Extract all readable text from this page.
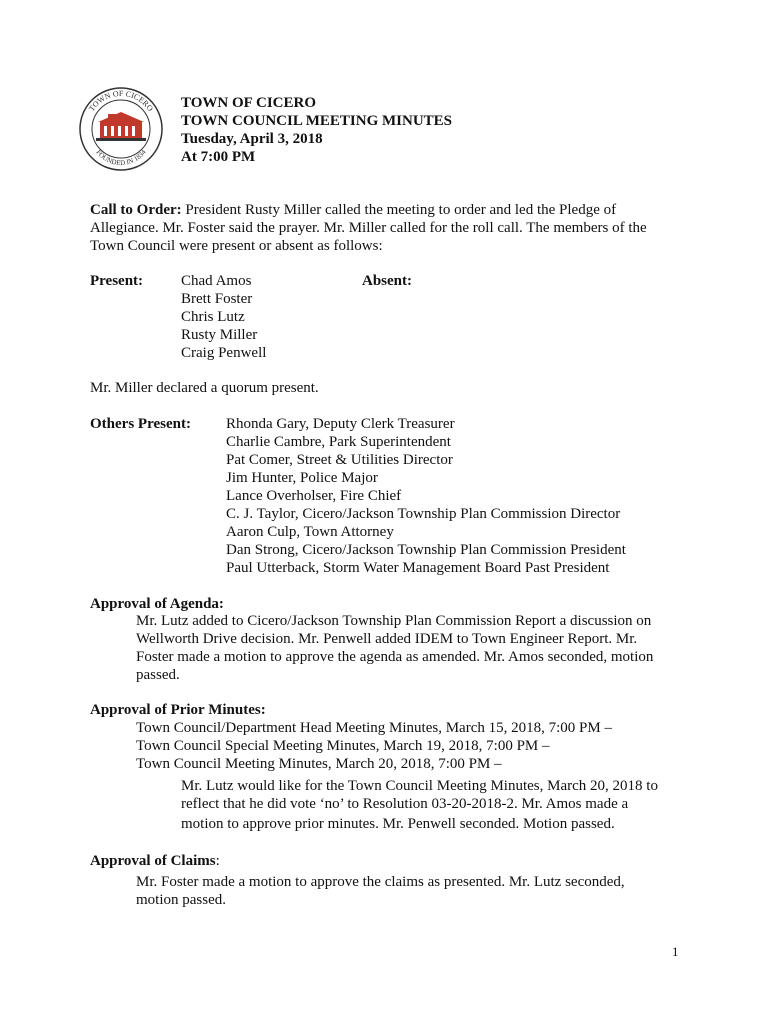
TOWN OF CICERO
FOUNDED IN 1834
TOWN OF CICERO
TOWN COUNCIL MEETING MINUTES
Tuesday, April 3, 2018
At 7:00 PM
Call to Order: President Rusty Miller called the meeting to order and led the Pledge of
Allegiance. Mr. Foster said the prayer. Mr. Miller called for the roll call. The members of the
Town Council were present or absent as follows:
Present:	Absent:
Chad Amos
Brett Foster
Chris Lutz
Rusty Miller
Craig Penwell
Mr. Miller declared a quorum present.
Others Present: Rhonda Gary, Deputy Clerk Treasurer
Charlie Cambre, Park Superintendent
Pat Comer, Street & Utilities Director
Jim Hunter, Police Major
Lance Overholser, Fire Chief
C. J. Taylor, Cicero/Jackson Township Plan Commission Director
Aaron Culp, Town Attorney
Dan Strong, Cicero/Jackson Township Plan Commission President
Paul Utterback, Storm Water Management Board Past President
Approval of Agenda:
Mr. Lutz added to Cicero/Jackson Township Plan Commission Report a discussion on
Wellworth Drive decision. Mr. Penwell added IDEM to Town Engineer Report. Mr.
Foster made a motion to approve the agenda as amended. Mr. Amos seconded, motion
passed.
Approval of Prior Minutes:
Town Council/Department Head Meeting Minutes, March 15, 2018, 7:00 PM –
Town Council Special Meeting Minutes, March 19, 2018, 7:00 PM –
Town Council Meeting Minutes, March 20, 2018, 7:00 PM –
Mr. Lutz would like for the Town Council Meeting Minutes, March 20, 2018 to
reflect that he did vote ‘no’ to Resolution 03-20-2018-2. Mr. Amos made a
motion to approve prior minutes. Mr. Penwell seconded. Motion passed.
Approval of Claims:
Mr. Foster made a motion to approve the claims as presented. Mr. Lutz seconded,
motion passed.
1
